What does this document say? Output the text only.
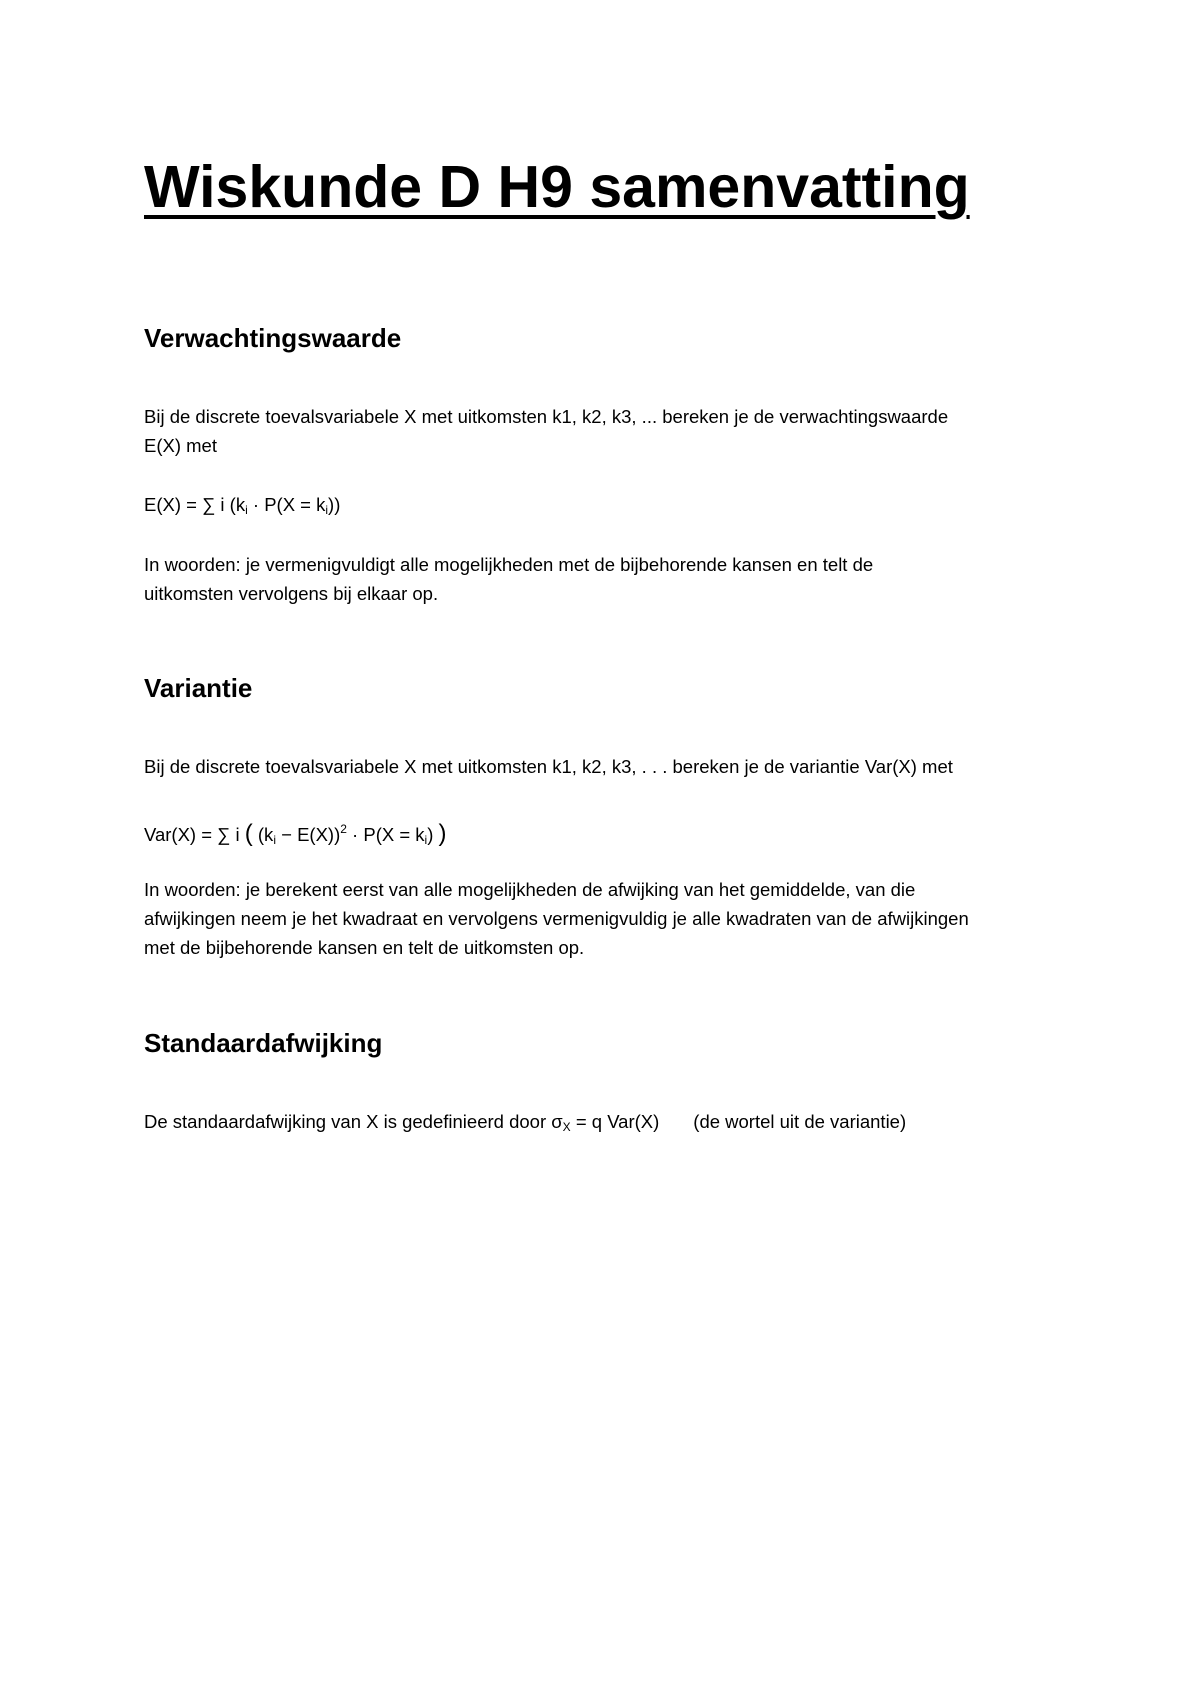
Wiskunde D H9 samenvatting
Verwachtingswaarde

Bij de discrete toevalsvariabele X met uitkomsten k1, k2, k3, ... bereken je de verwachtingswaarde

E(X) met

E(X) = ∑ i $(k_i \cdot P(X = k_i))$

In woorden: je vermenigvuldigt alle mogelijkheden met de bijbehorende kansen en telt de

uitkomsten vervolgens bij elkaar op.

Variantie

Bij de discrete toevalsvariabele X met uitkomsten k1, k2, k3, . . . bereken je de variantie Var(X) met

Var(X) = ∑ i ( $(k_i - E(X))^2 \cdot P(X = k_i)$ )

In woorden: je berekent eerst van alle mogelijkheden de afwijking van het gemiddelde, van die

afwijkingen neem je het kwadraat en vervolgens vermenigvuldig je alle kwadraten van de afwijkingen

met de bijbehorende kansen en telt de uitkomsten op.

Standaardafwijking

De standaardafwijking van X is gedefinieerd door $\sigma_X = q$ Var(X) (de wortel uit de variantie)
